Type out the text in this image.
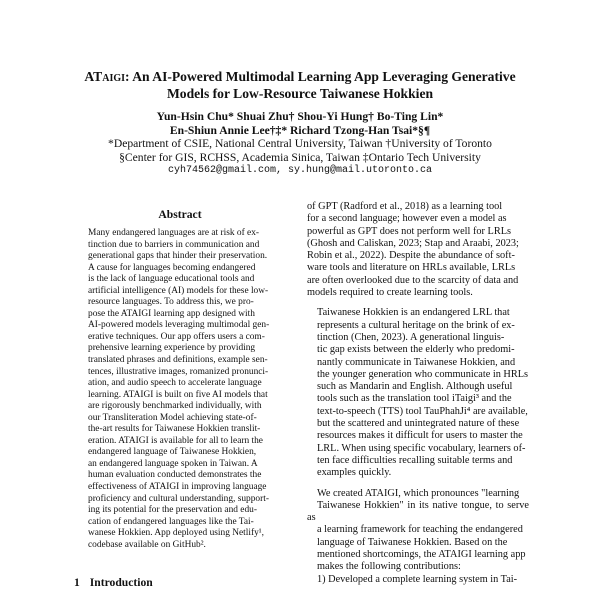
ATaigi: An AI-Powered Multimodal Learning App Leveraging Generative
Models for Low-Resource Taiwanese Hokkien
Yun-Hsin Chu* Shuai Zhu† Shou-Yi Hung† Bo-Ting Lin*
En-Shiun Annie Lee†‡* Richard Tzong-Han Tsai*§¶
*Department of CSIE, National Central University, Taiwan †University of Toronto
§Center for GIS, RCHSS, Academia Sinica, Taiwan ‡Ontario Tech University
cyh74562@gmail.com, sy.hung@mail.utoronto.ca
Abstract
Many endangered languages are at risk of ex-
tinction due to barriers in communication and
generational gaps that hinder their preservation.
A cause for languages becoming endangered
is the lack of language educational tools and
artificial intelligence (AI) models for these low-
resource languages. To address this, we pro-
pose the ATAIGI learning app designed with
AI-powered models leveraging multimodal gen-
erative techniques. Our app offers users a com-
prehensive learning experience by providing
translated phrases and definitions, example sen-
tences, illustrative images, romanized pronunci-
ation, and audio speech to accelerate language
learning. ATAIGI is built on five AI models that
are rigorously benchmarked individually, with
our Transliteration Model achieving state-of-
the-art results for Taiwanese Hokkien translit-
eration. ATAIGI is available for all to learn the
endangered language of Taiwanese Hokkien,
an endangered language spoken in Taiwan. A
human evaluation conducted demonstrates the
effectiveness of ATAIGI in improving language
proficiency and cultural understanding, support-
ing its potential for the preservation and edu-
cation of endangered languages like the Tai-
wanese Hokkien. App deployed using Netlify¹,
codebase available on GitHub².
1 Introduction

of GPT (Radford et al., 2018) as a learning tool
for a second language; however even a model as
powerful as GPT does not perform well for LRLs
(Ghosh and Caliskan, 2023; Stap and Araabi, 2023;
Robin et al., 2022). Despite the abundance of soft-
ware tools and literature on HRLs available, LRLs
are often overlooked due to the scarcity of data and
models required to create learning tools.

Taiwanese Hokkien is an endangered LRL that
represents a cultural heritage on the brink of ex-
tinction (Chen, 2023). A generational linguis-
tic gap exists between the elderly who predomi-
nantly communicate in Taiwanese Hokkien, and
the younger generation who communicate in HRLs
such as Mandarin and English. Although useful
tools such as the translation tool iTaigi³ and the
text-to-speech (TTS) tool TauPhahJi⁴ are available,
but the scattered and unintegrated nature of these
resources makes it difficult for users to master the
LRL. When using specific vocabulary, learners of-
ten face difficulties recalling suitable terms and
examples quickly.

We created ATAIGI, which pronounces "learning
Taiwanese Hokkien" in its native tongue, to serve as
a learning framework for teaching the endangered
language of Taiwanese Hokkien. Based on the
mentioned shortcomings, the ATAIGI learning app
makes the following contributions:
1) Developed a complete learning system in Tai-
